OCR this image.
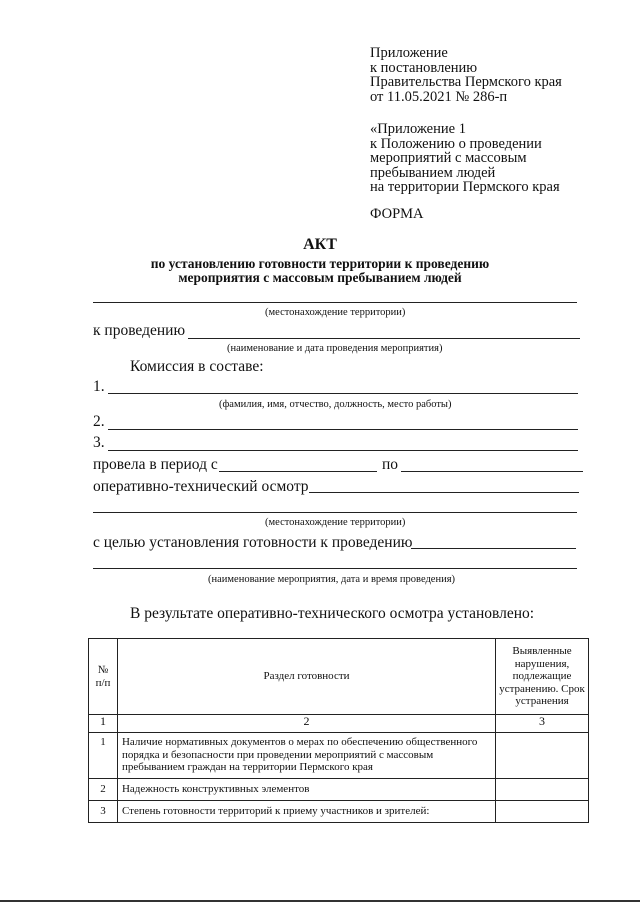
Приложение
к постановлению
Правительства Пермского края
от 11.05.2021 № 286-п
«Приложение 1
к Положению о проведении
мероприятий с массовым
пребыванием людей
на территории Пермского края
ФОРМА
АКТ
по установлению готовности территории к проведению
мероприятия с массовым пребыванием людей
(местонахождение территории)
к проведению
(наименование и дата проведения мероприятия)
Комиссия в составе:
1.
(фамилия, имя, отчество, должность, место работы)
2.
3.
провела в период с	по
оперативно-технический осмотр
(местонахождение территории)
с целью установления готовности к проведению
(наименование мероприятия, дата и время проведения)
В результате оперативно-технического осмотра установлено:
№ п/п	Раздел готовности	Выявленные нарушения, подлежащие устранению. Срок устранения
1	2	3
1	Наличие нормативных документов о мерах по обеспечению общественного порядка и безопасности при проведении мероприятий с массовым пребыванием граждан на территории Пермского края	
2	Надежность конструктивных элементов	
3	Степень готовности территорий к приему участников и зрителей:	
